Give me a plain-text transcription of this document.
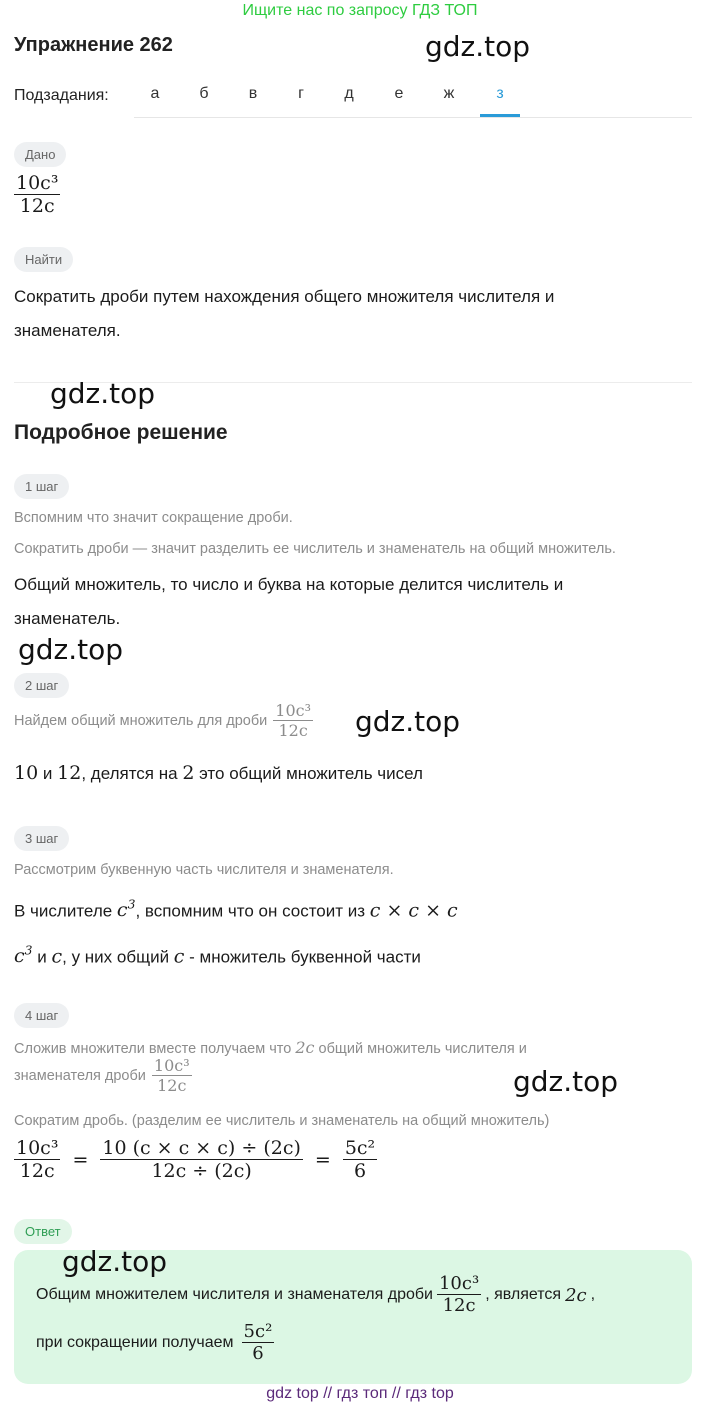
Ищите нас по запросу ГДЗ ТОП
Упражнение 262	gdz.top
Подзадания:	а	б	в	г	д	е	ж	з
Дано
$\frac{\text{10c³}}{12c}$
Найти
Сократить дроби путем нахождения общего множителя числителя и знаменателя.
gdz.top
Подробное решение
1 шаг
Вспомним что значит сокращение дроби.
Сократить дроби — значит разделить ее числитель и знаменатель на общий множитель.
Общий множитель, то число и буква на которые делится числитель и знаменатель.
gdz.top
2 шаг
Найдем общий множитель для дроби $\frac{\text{10c³}}{12c} gdz.top$
10 и 12, делятся на 2 это общий множитель чисел
3 шаг
Рассмотрим буквенную часть числителя и знаменателя.
В числителе $c^3$, вспомним что он состоит из c × c × c
$c^3$ и c, у них общий c - множитель буквенной части
4 шаг
Сложив множители вместе получаем что 2c общий множитель числителя и
знаменателя дроби $\frac{\text{10c³}}{12c}$	gdz.top
Сократим дробь. (разделим ее числитель и знаменатель на общий множитель)
$\frac{\text{10c³}}{12c} = \frac{10 (c \times c \times c) \div (2c)}{12c \div (2c)} = \frac{\text{5c²}}{6}$
Ответ
gdz.top
Общим множителем числителя и знаменателя дроби $\frac{\text{10c³}}{12c}$ , является 2c ,
при сокращении получаем $\frac{\text{5c²}}{6}$
gdz top // гдз топ // гдз top
